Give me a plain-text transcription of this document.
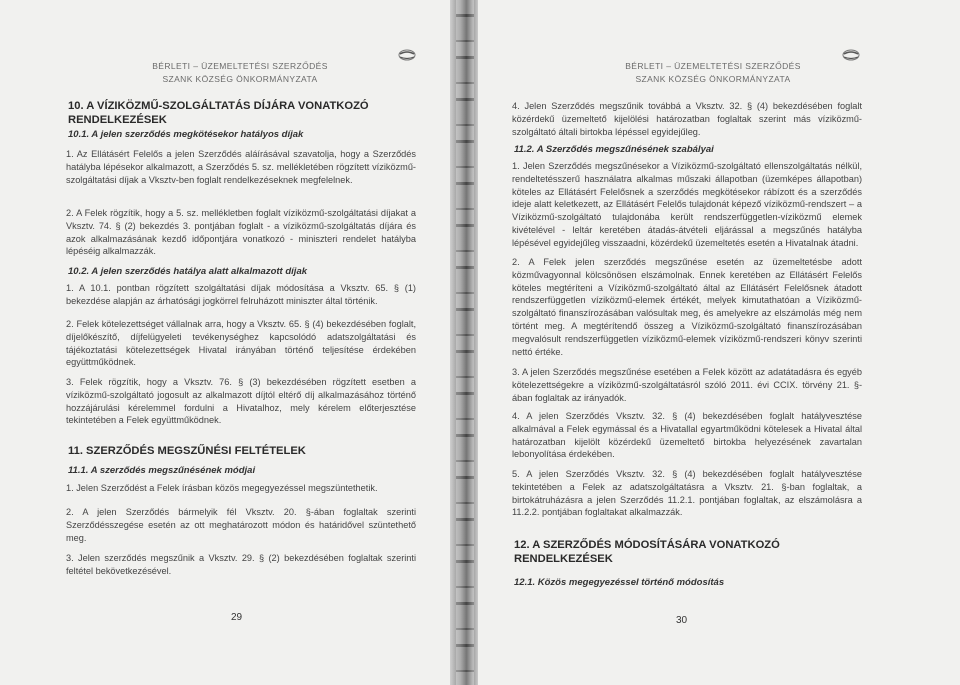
BÉRLETI – ÜZEMELTETÉSI SZERZŐDÉS
SZANK KÖZSÉG ÖNKORMÁNYZATA
10. A VÍZIKÖZMŰ-SZOLGÁLTATÁS DÍJÁRA VONATKOZÓ RENDELKEZÉSEK
10.1. A jelen szerződés megkötésekor hatályos díjak
1. Az Ellátásért Felelős a jelen Szerződés aláírásával szavatolja, hogy a Szerződés hatályba lépésekor alkalmazott, a Szerződés 5. sz. mellékletében rögzített víziközmű-szolgáltatási díjak a Vksztv-ben foglalt rendelkezéseknek megfelelnek.
2. A Felek rögzítik, hogy a 5. sz. mellékletben foglalt víziközmű-szolgáltatási díjakat a Vksztv. 74. § (2) bekezdés 3. pontjában foglalt - a víziközmű-szolgáltatás díjára és azok alkalmazásának kezdő időpontjára vonatkozó - miniszteri rendelet hatályba lépéséig alkalmazzák.
10.2. A jelen szerződés hatálya alatt alkalmazott díjak
1. A 10.1. pontban rögzített szolgáltatási díjak módosítása a Vksztv. 65. § (1) bekezdése alapján az árhatósági jogkörrel felruházott miniszter által történik.
2. Felek kötelezettséget vállalnak arra, hogy a Vksztv. 65. § (4) bekezdésében foglalt, díjelőkészítő, díjfelügyeleti tevékenységhez kapcsolódó adatszolgáltatási és tájékoztatási kötelezettségek Hivatal irányában történő teljesítése érdekében együttműködnek.
3. Felek rögzítik, hogy a Vksztv. 76. § (3) bekezdésében rögzített esetben a víziközmű-szolgáltató jogosult az alkalmazott díjtól eltérő díj alkalmazásához történő hozzájárulási kérelemmel fordulni a Hivatalhoz, mely kérelem előterjesztése tekintetében a Felek együttműködnek.
11. SZERZŐDÉS MEGSZŰNÉSI FELTÉTELEK
11.1. A szerződés megszűnésének módjai
1. Jelen Szerződést a Felek írásban közös megegyezéssel megszüntethetik.
2. A jelen Szerződés bármelyik fél Vksztv. 20. §-ában foglaltak szerinti Szerződésszegése esetén az ott meghatározott módon és határidővel szüntethető meg.
3. Jelen szerződés megszűnik a Vksztv. 29. § (2) bekezdésében foglaltak szerinti feltétel bekövetkezésével.
29
BÉRLETI – ÜZEMELTETÉSI SZERZŐDÉS
SZANK KÖZSÉG ÖNKORMÁNYZATA
4. Jelen Szerződés megszűnik továbbá a Vksztv. 32. § (4) bekezdésében foglalt közérdekű üzemeltető kijelölési határozatban foglaltak szerint más víziközmű-szolgáltató általi birtokba lépéssel egyidejűleg.
11.2. A Szerződés megszűnésének szabályai
1. Jelen Szerződés megszűnésekor a Víziközmű-szolgáltató ellenszolgáltatás nélkül, rendeltetésszerű használatra alkalmas műszaki állapotban (üzemképes állapotban) köteles az Ellátásért Felelősnek a szerződés megkötésekor rábízott és a szerződés ideje alatt keletkezett, az Ellátásért Felelős tulajdonát képező víziközmű-rendszert – a Víziközmű-szolgáltató tulajdonába került rendszerfüggetlen-víziközmű elemek kivételével - leltár keretében átadás-átvételi eljárással a megszűnés hatályba lépésével egyidejűleg visszaadni, közérdekű üzemeltetés esetén a Hivatalnak átadni.
2. A Felek jelen szerződés megszűnése esetén az üzemeltetésbe adott közművagyonnal kölcsönösen elszámolnak. Ennek keretében az Ellátásért Felelős köteles megtéríteni a Víziközmű-szolgáltató által az Ellátásért Felelősnek átadott rendszerfüggetlen víziközmű-elemek értékét, melyek kimutathatóan a Víziközmű-szolgáltató finanszírozásában valósultak meg, és amelyekre az elszámolás még nem történt meg. A megtérítendő összeg a Víziközmű-szolgáltató finanszírozásában megvalósult rendszerfüggetlen víziközmű-elemek víziközmű-rendszeri könyv szerinti nettó értéke.
3. A jelen Szerződés megszűnése esetében a Felek között az adatátadásra és egyéb kötelezettségekre a víziközmű-szolgáltatásról szóló 2011. évi CCIX. törvény 21. §-ában foglaltak az irányadók.
4. A jelen Szerződés Vksztv. 32. § (4) bekezdésében foglalt hatályvesztése alkalmával a Felek egymással és a Hivatallal egyartműködni kötelesek a Hivatal által határozatban kijelölt közérdekű üzemeltető birtokba helyezésének zavartalan lebonyolítása érdekében.
5. A jelen Szerződés Vksztv. 32. § (4) bekezdésében foglalt hatályvesztése tekintetében a Felek az adatszolgáltatásra a Vksztv. 21. §-ban foglaltak, a birtokátruházásra a jelen Szerződés 11.2.1. pontjában foglaltak, az elszámolásra a 11.2.2. pontjában foglaltakat alkalmazzák.
12. A SZERZŐDÉS MÓDOSÍTÁSÁRA VONATKOZÓ RENDELKEZÉSEK
12.1. Közös megegyezéssel történő módosítás
30
